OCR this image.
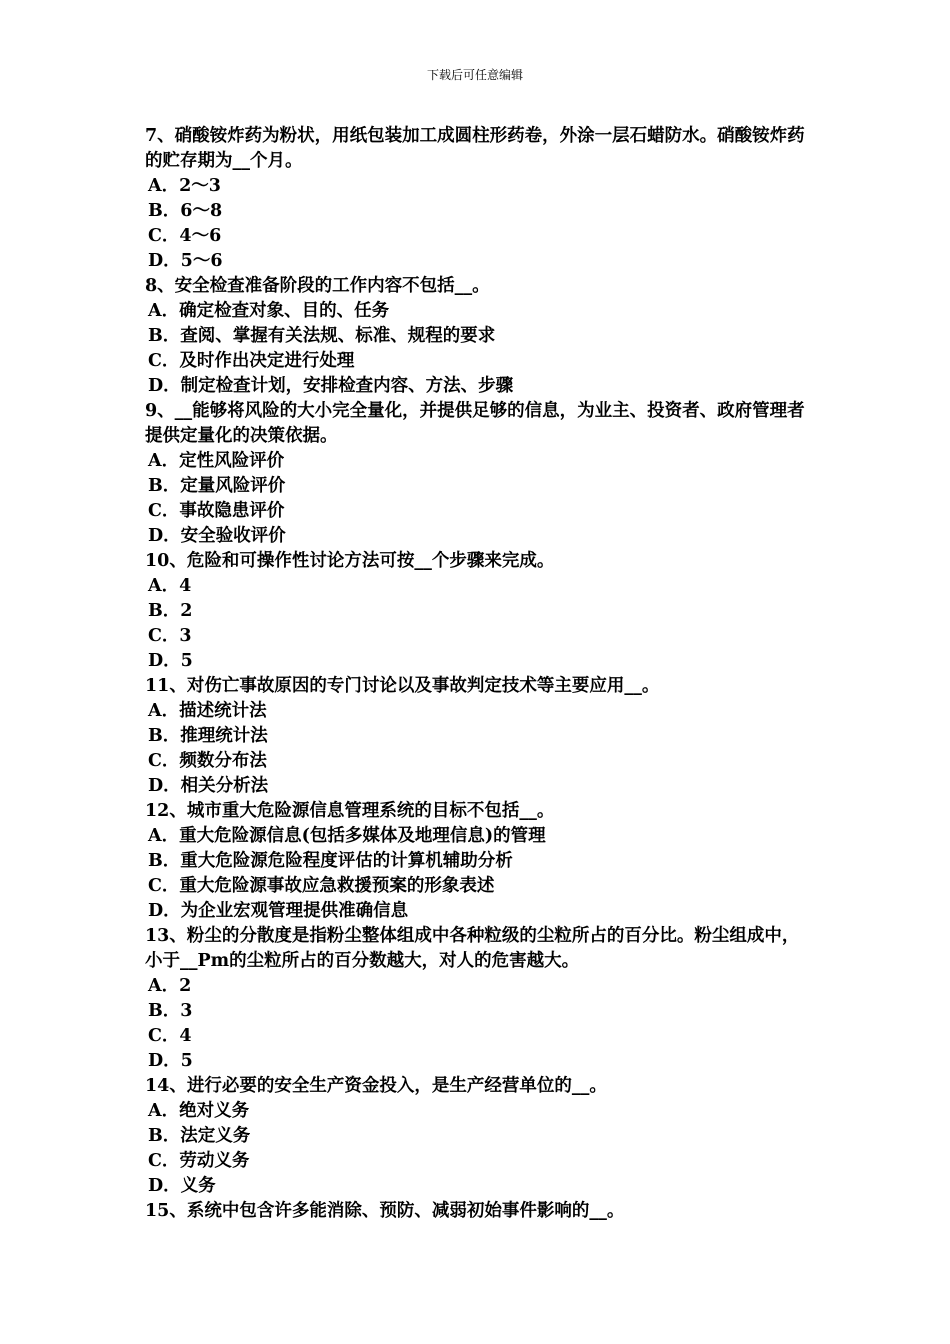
下载后可任意编辑
7、硝酸铵炸药为粉状，用纸包装加工成圆柱形药卷，外涂一层石蜡防水。硝酸铵炸药的贮存期为__个月。
A．2～3
B．6～8
C．4～6
D．5～6
8、安全检查准备阶段的工作内容不包括__。
A．确定检查对象、目的、任务
B．查阅、掌握有关法规、标准、规程的要求
C．及时作出决定进行处理
D．制定检查计划，安排检查内容、方法、步骤
9、__能够将风险的大小完全量化，并提供足够的信息，为业主、投资者、政府管理者提供定量化的决策依据。
A．定性风险评价
B．定量风险评价
C．事故隐患评价
D．安全验收评价
10、危险和可操作性讨论方法可按__个步骤来完成。
A．4
B．2
C．3
D．5
11、对伤亡事故原因的专门讨论以及事故判定技术等主要应用__。
A．描述统计法
B．推理统计法
C．频数分布法
D．相关分析法
12、城市重大危险源信息管理系统的目标不包括__。
A．重大危险源信息(包括多媒体及地理信息)的管理
B．重大危险源危险程度评估的计算机辅助分析
C．重大危险源事故应急救援预案的形象表述
D．为企业宏观管理提供准确信息
13、粉尘的分散度是指粉尘整体组成中各种粒级的尘粒所占的百分比。粉尘组成中，小于__Pm的尘粒所占的百分数越大，对人的危害越大。
A．2
B．3
C．4
D．5
14、进行必要的安全生产资金投入，是生产经营单位的__。
A．绝对义务
B．法定义务
C．劳动义务
D．义务
15、系统中包含许多能消除、预防、减弱初始事件影响的__。
